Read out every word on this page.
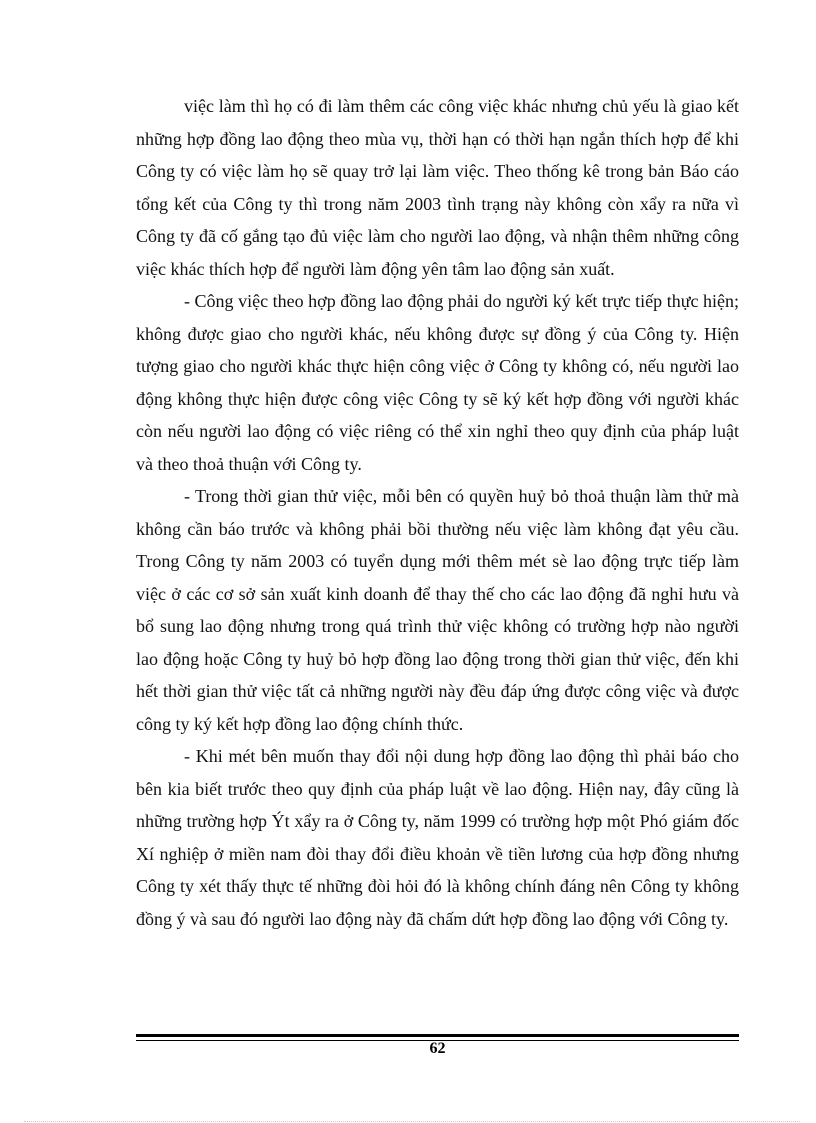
việc làm thì họ có đi làm thêm các công việc khác nhưng chủ yếu là giao kết những hợp đồng lao động theo mùa vụ, thời hạn có thời hạn ngắn thích hợp để khi Công ty có việc làm họ sẽ quay trở lại làm việc. Theo thống kê trong bản Báo cáo tổng kết của Công ty thì trong năm 2003 tình trạng này không còn xẩy ra nữa vì Công ty đã cố gắng tạo đủ việc làm cho người lao động, và nhận thêm những công việc khác thích hợp để người làm động yên tâm lao động sản xuất.

- Công việc theo hợp đồng lao động phải do người ký kết trực tiếp thực hiện; không được giao cho người khác, nếu không được sự đồng ý của Công ty. Hiện tượng giao cho người khác thực hiện công việc ở Công ty không có, nếu người lao động không thực hiện được công việc Công ty sẽ ký kết hợp đồng với người khác còn nếu người lao động có việc riêng có thể xin nghỉ theo quy định của pháp luật và theo thoả thuận với Công ty.

- Trong thời gian thử việc, mỗi bên có quyền huỷ bỏ thoả thuận làm thử mà không cần báo trước và không phải bồi thường nếu việc làm không đạt yêu cầu. Trong Công ty năm 2003 có tuyển dụng mới thêm mét sè lao động trực tiếp làm việc ở các cơ sở sản xuất kinh doanh để thay thế cho các lao động đã nghỉ hưu và bổ sung lao động nhưng trong quá trình thử việc không có trường hợp nào người lao động hoặc Công ty huỷ bỏ hợp đồng lao động trong thời gian thử việc, đến khi hết thời gian thử việc tất cả những người này đều đáp ứng được công việc và được công ty ký kết hợp đồng lao động chính thức.

- Khi mét bên muốn thay đổi nội dung hợp đồng lao động thì phải báo cho bên kia biết trước theo quy định của pháp luật về lao động. Hiện nay, đây cũng là những trường hợp Ýt xẩy ra ở Công ty, năm 1999 có trường hợp một Phó giám đốc Xí nghiệp ở miền nam đòi thay đổi điều khoản về tiền lương của hợp đồng nhưng Công ty xét thấy thực tế những đòi hỏi đó là không chính đáng nên Công ty không đồng ý và sau đó người lao động này đã chấm dứt hợp đồng lao động với Công ty.

62
